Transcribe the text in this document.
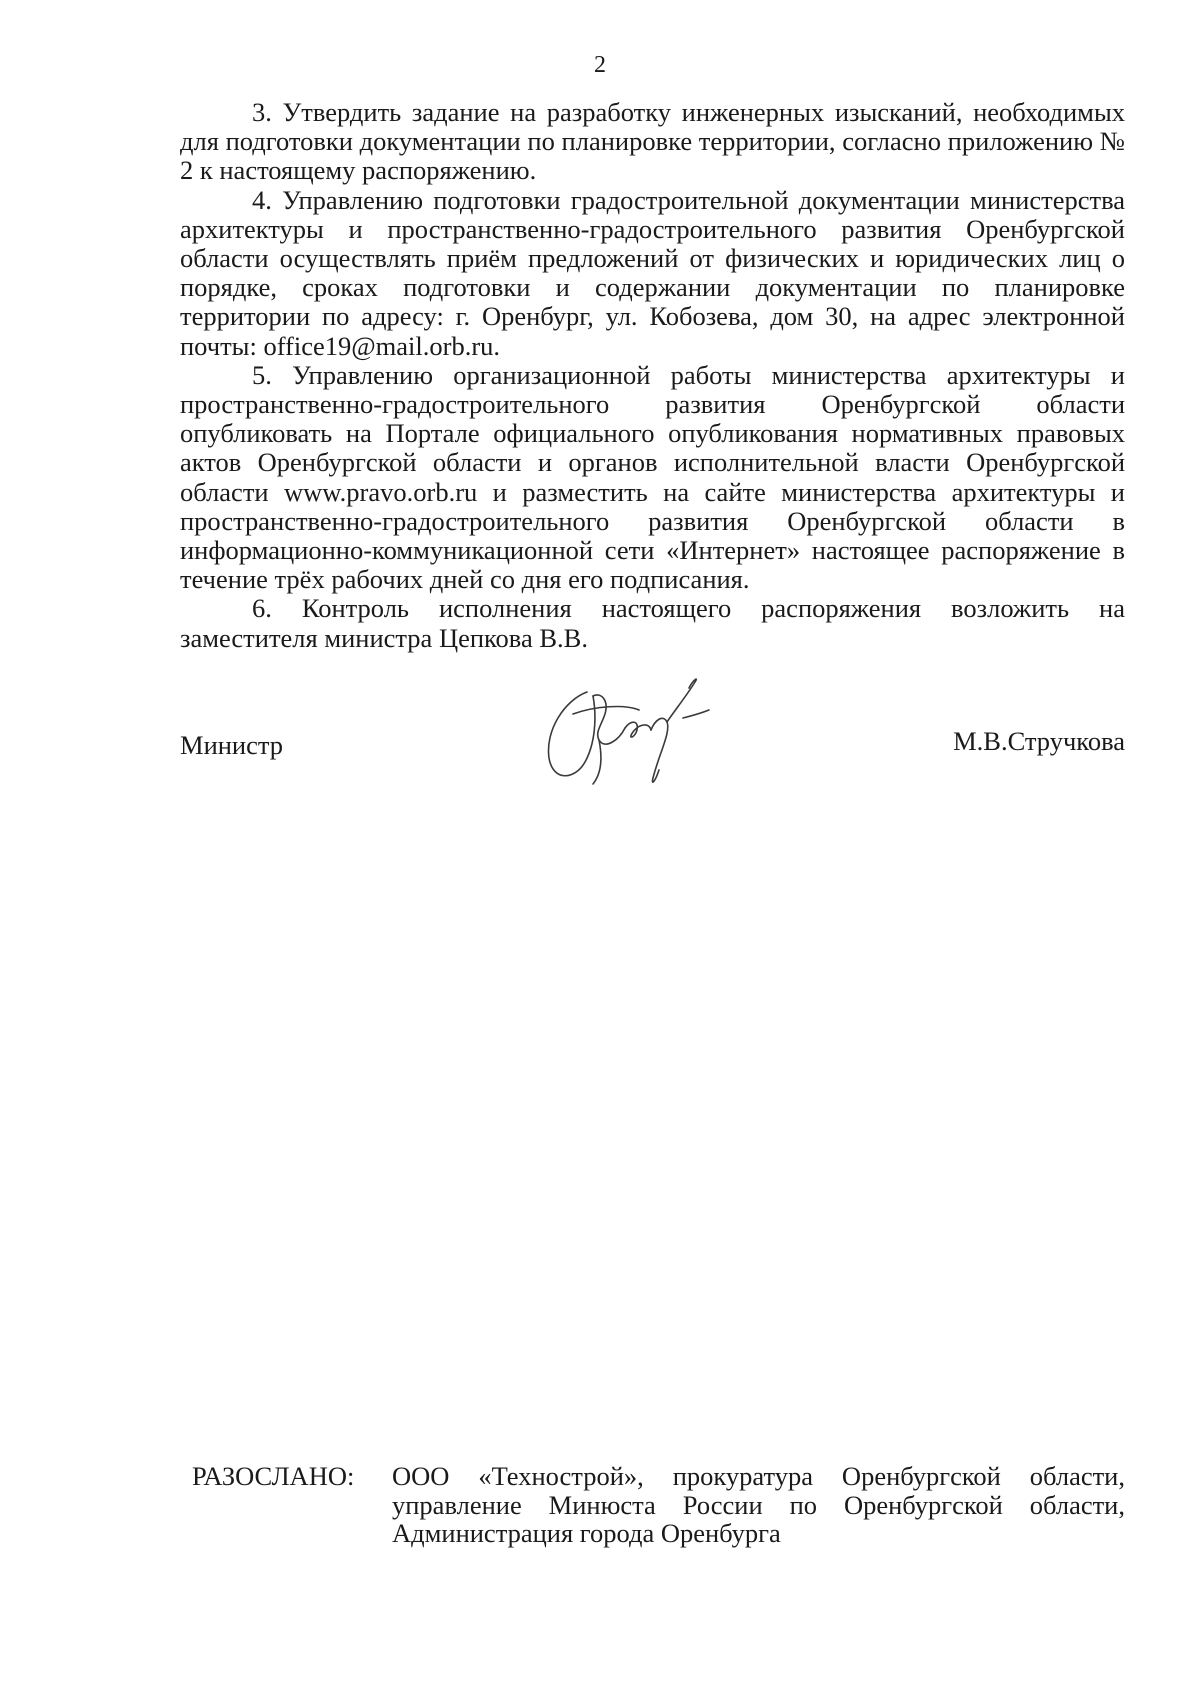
2

3. Утвердить задание на разработку инженерных изысканий, необходимых для подготовки документации по планировке территории, согласно приложению № 2 к настоящему распоряжению.

4. Управлению подготовки градостроительной документации министерства архитектуры и пространственно-градостроительного развития Оренбургской области осуществлять приём предложений от физических и юридических лиц о порядке, сроках подготовки и содержании документации по планировке территории по адресу: г. Оренбург, ул. Кобозева, дом 30, на адрес электронной почты: office19@mail.orb.ru.

5. Управлению организационной работы министерства архитектуры и пространственно-градостроительного развития Оренбургской области опубликовать на Портале официального опубликования нормативных правовых актов Оренбургской области и органов исполнительной власти Оренбургской области www.pravo.orb.ru и разместить на сайте министерства архитектуры и пространственно-градостроительного развития Оренбургской области в информационно-коммуникационной сети «Интернет» настоящее распоряжение в течение трёх рабочих дней со дня его подписания.

6. Контроль исполнения настоящего распоряжения возложить на заместителя министра Цепкова В.В.

Министр	М.В.Стручкова
РАЗОСЛАНО: ООО «Технострой», прокуратура Оренбургской области, управление Минюста России по Оренбургской области, Администрация города Оренбурга
